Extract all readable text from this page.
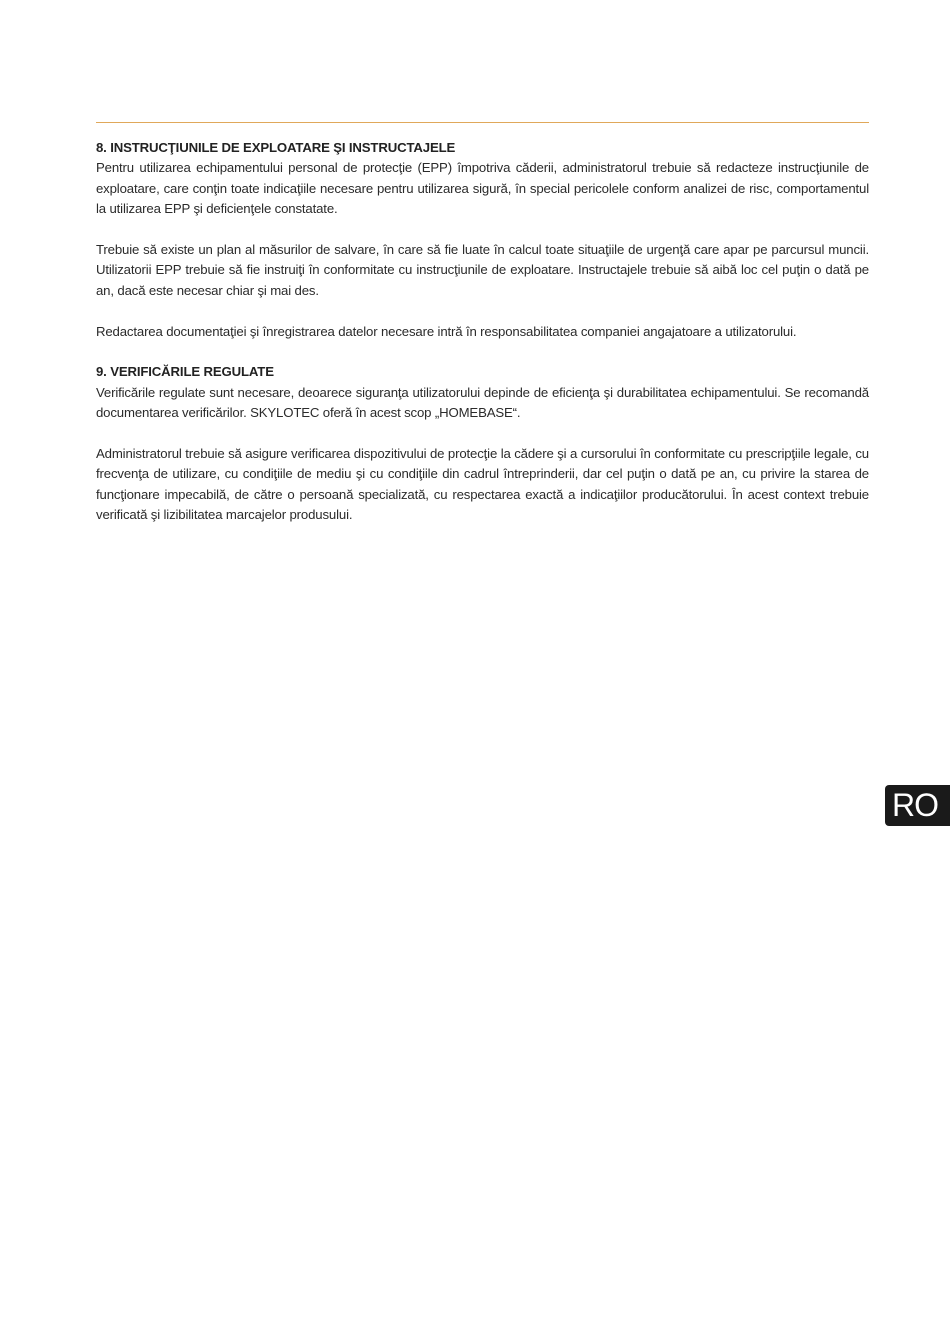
8. INSTRUCŢIUNILE DE EXPLOATARE ŞI INSTRUCTAJELE

Pentru utilizarea echipamentului personal de protecţie (EPP) împotriva căderii, administratorul trebuie să redacteze instrucţiunile de exploatare, care conţin toate indicaţiile necesare pentru utilizarea sigură, în special pericolele conform analizei de risc, comportamentul la utilizarea EPP şi deficienţele constatate.

Trebuie să existe un plan al măsurilor de salvare, în care să fie luate în calcul toate situaţiile de urgenţă care apar pe parcursul muncii. Utilizatorii EPP trebuie să fie instruiţi în conformitate cu instrucţiunile de exploatare. Instructajele trebuie să aibă loc cel puţin o dată pe an, dacă este necesar chiar şi mai des.

Redactarea documentaţiei şi înregistrarea datelor necesare intră în responsabilitatea companiei angajatoare a utilizatorului.

9. VERIFICĂRILE REGULATE

Verificările regulate sunt necesare, deoarece siguranţa utilizatorului depinde de eficienţa şi durabilitatea echipamentului. Se recomandă documentarea verificărilor. SKYLOTEC oferă în acest scop „HOMEBASE“.

Administratorul trebuie să asigure verificarea dispozitivului de protecţie la cădere şi a cursorului în conformitate cu prescripţiile legale, cu frecvenţa de utilizare, cu condiţiile de mediu şi cu condiţiile din cadrul întreprinderii, dar cel puţin o dată pe an, cu privire la starea de funcţionare impecabilă, de către o persoană specializată, cu respectarea exactă a indicaţiilor producătorului. În acest context trebuie verificată şi lizibilitatea marcajelor produsului.

RO
